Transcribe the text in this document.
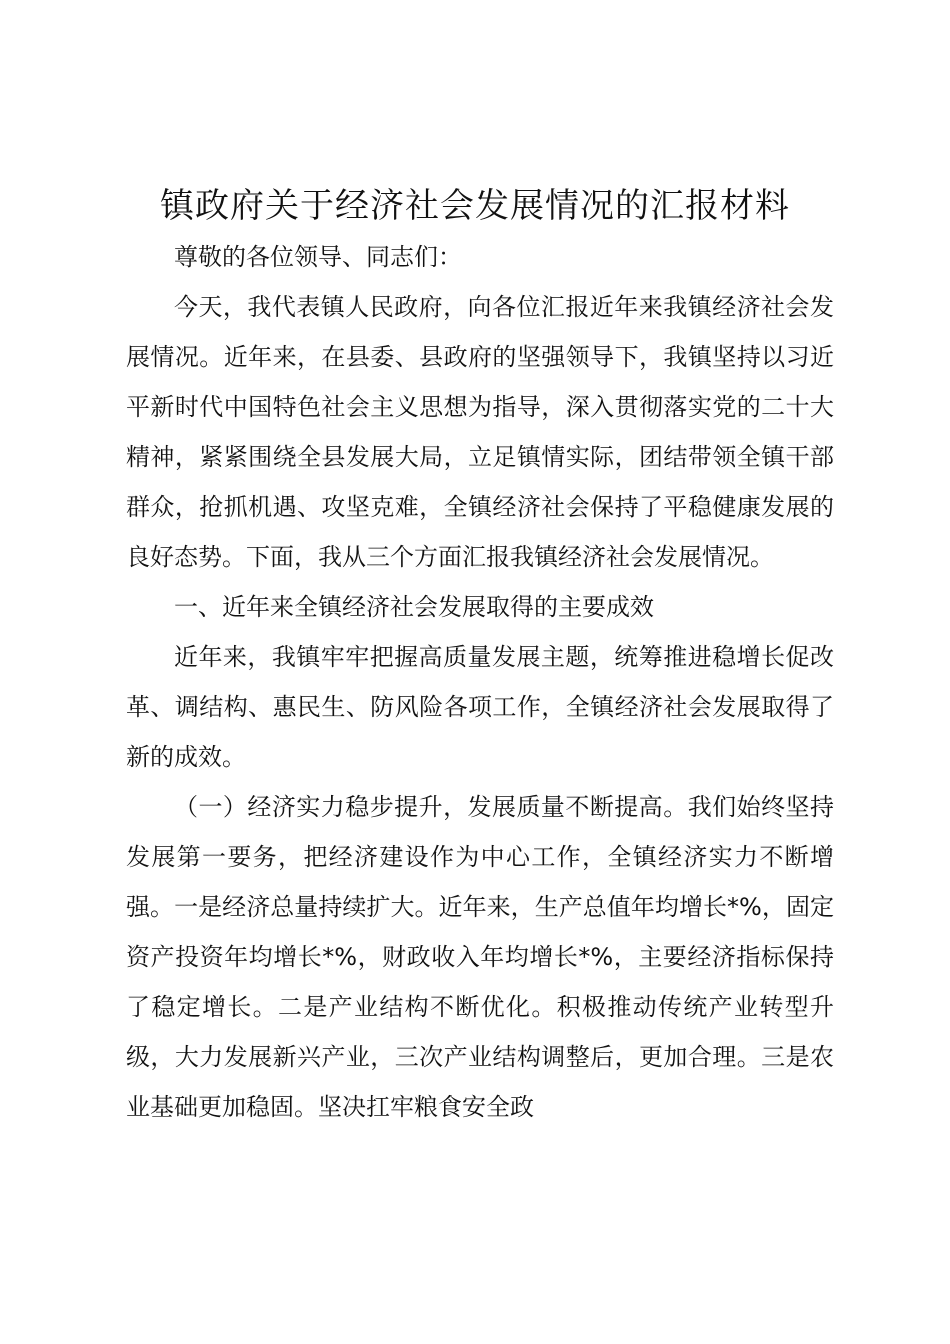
镇政府关于经济社会发展情况的汇报材料

尊敬的各位领导、同志们：

今天，我代表镇人民政府，向各位汇报近年来我镇经济社会发展情况。近年来，在县委、县政府的坚强领导下，我镇坚持以习近平新时代中国特色社会主义思想为指导，深入贯彻落实党的二十大精神，紧紧围绕全县发展大局，立足镇情实际，团结带领全镇干部群众，抢抓机遇、攻坚克难，全镇经济社会保持了平稳健康发展的良好态势。下面，我从三个方面汇报我镇经济社会发展情况。

一、近年来全镇经济社会发展取得的主要成效

近年来，我镇牢牢把握高质量发展主题，统筹推进稳增长促改革、调结构、惠民生、防风险各项工作，全镇经济社会发展取得了新的成效。

（一）经济实力稳步提升，发展质量不断提高。我们始终坚持发展第一要务，把经济建设作为中心工作，全镇经济实力不断增强。一是经济总量持续扩大。近年来，生产总值年均增长*%，固定资产投资年均增长*%，财政收入年均增长*%，主要经济指标保持了稳定增长。二是产业结构不断优化。积极推动传统产业转型升级，大力发展新兴产业，三次产业结构调整后，更加合理。三是农业基础更加稳固。坚决扛牢粮食安全政
